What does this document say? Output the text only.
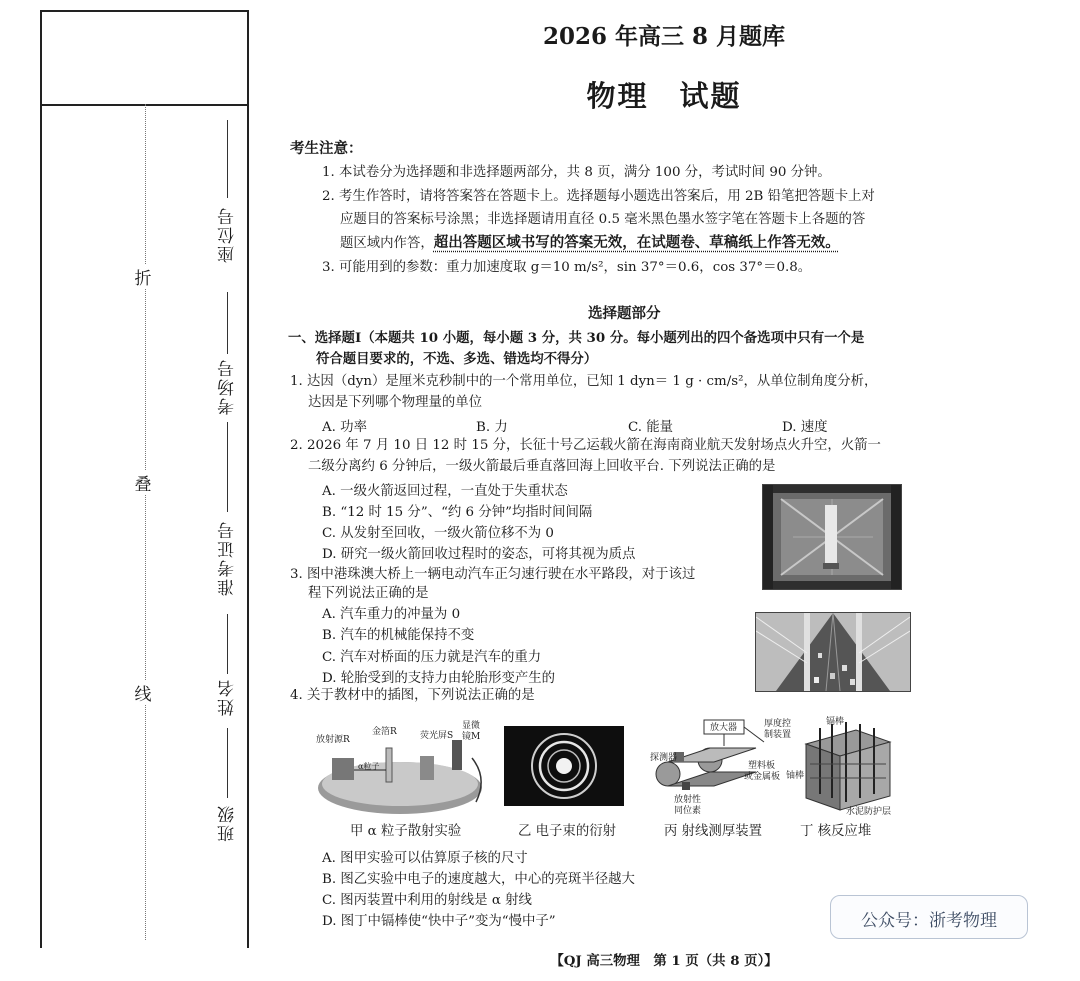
折
叠
线
座位号
考场号
准考证号
姓名
班级
2026 年高三 8 月题库
物理　试题
考生注意：
1. 本试卷分为选择题和非选择题两部分，共 8 页，满分 100 分，考试时间 90 分钟。
2. 考生作答时，请将答案答在答题卡上。选择题每小题选出答案后，用 2B 铅笔把答题卡上对
应题目的答案标号涂黑；非选择题请用直径 0.5 毫米黑色墨水签字笔在答题卡上各题的答
题区域内作答，超出答题区域书写的答案无效，在试题卷、草稿纸上作答无效。
3. 可能用到的参数：重力加速度取 g＝10 m/s²，sin 37°＝0.6，cos 37°＝0.8。
选择题部分
一、选择题Ⅰ（本题共 10 小题，每小题 3 分，共 30 分。每小题列出的四个备选项中只有一个是
符合题目要求的，不选、多选、错选均不得分）
1. 达因（dyn）是厘米克秒制中的一个常用单位，已知 1 dyn＝ 1 g · cm/s²，从单位制角度分析，
达因是下列哪个物理量的单位
A. 功率	B. 力	C. 能量	D. 速度
2. 2026 年 7 月 10 日 12 时 15 分，长征十号乙运载火箭在海南商业航天发射场点火升空，火箭一
二级分离约 6 分钟后，一级火箭最后垂直落回海上回收平台. 下列说法正确的是
A. 一级火箭返回过程，一直处于失重状态
B. “12 时 15 分”、“约 6 分钟”均指时间间隔
C. 从发射至回收，一级火箭位移不为 0
D. 研究一级火箭回收过程时的姿态，可将其视为质点
3. 图中港珠澳大桥上一辆电动汽车正匀速行驶在水平路段，对于该过
程下列说法正确的是
A. 汽车重力的冲量为 0
B. 汽车的机械能保持不变
C. 汽车对桥面的压力就是汽车的重力
D. 轮胎受到的支持力由轮胎形变产生的
4. 关于教材中的插图，下列说法正确的是
放射源R
金箔R	荧光屏S
显微
镜M
α粒子
甲 α 粒子散射实验	乙 电子束的衍射
放大器	厚度控
制装置
探测器
塑料板
或金属板
放射性
同位素
丙 射线测厚装置
镉棒
铀棒
水泥防护层
丁 核反应堆
A. 图甲实验可以估算原子核的尺寸
B. 图乙实验中电子的速度越大，中心的亮斑半径越大
C. 图丙装置中利用的射线是 α 射线
D. 图丁中镉棒使“快中子”变为“慢中子”	公众号：浙考物理
【QJ 高三物理　第 1 页（共 8 页）】
